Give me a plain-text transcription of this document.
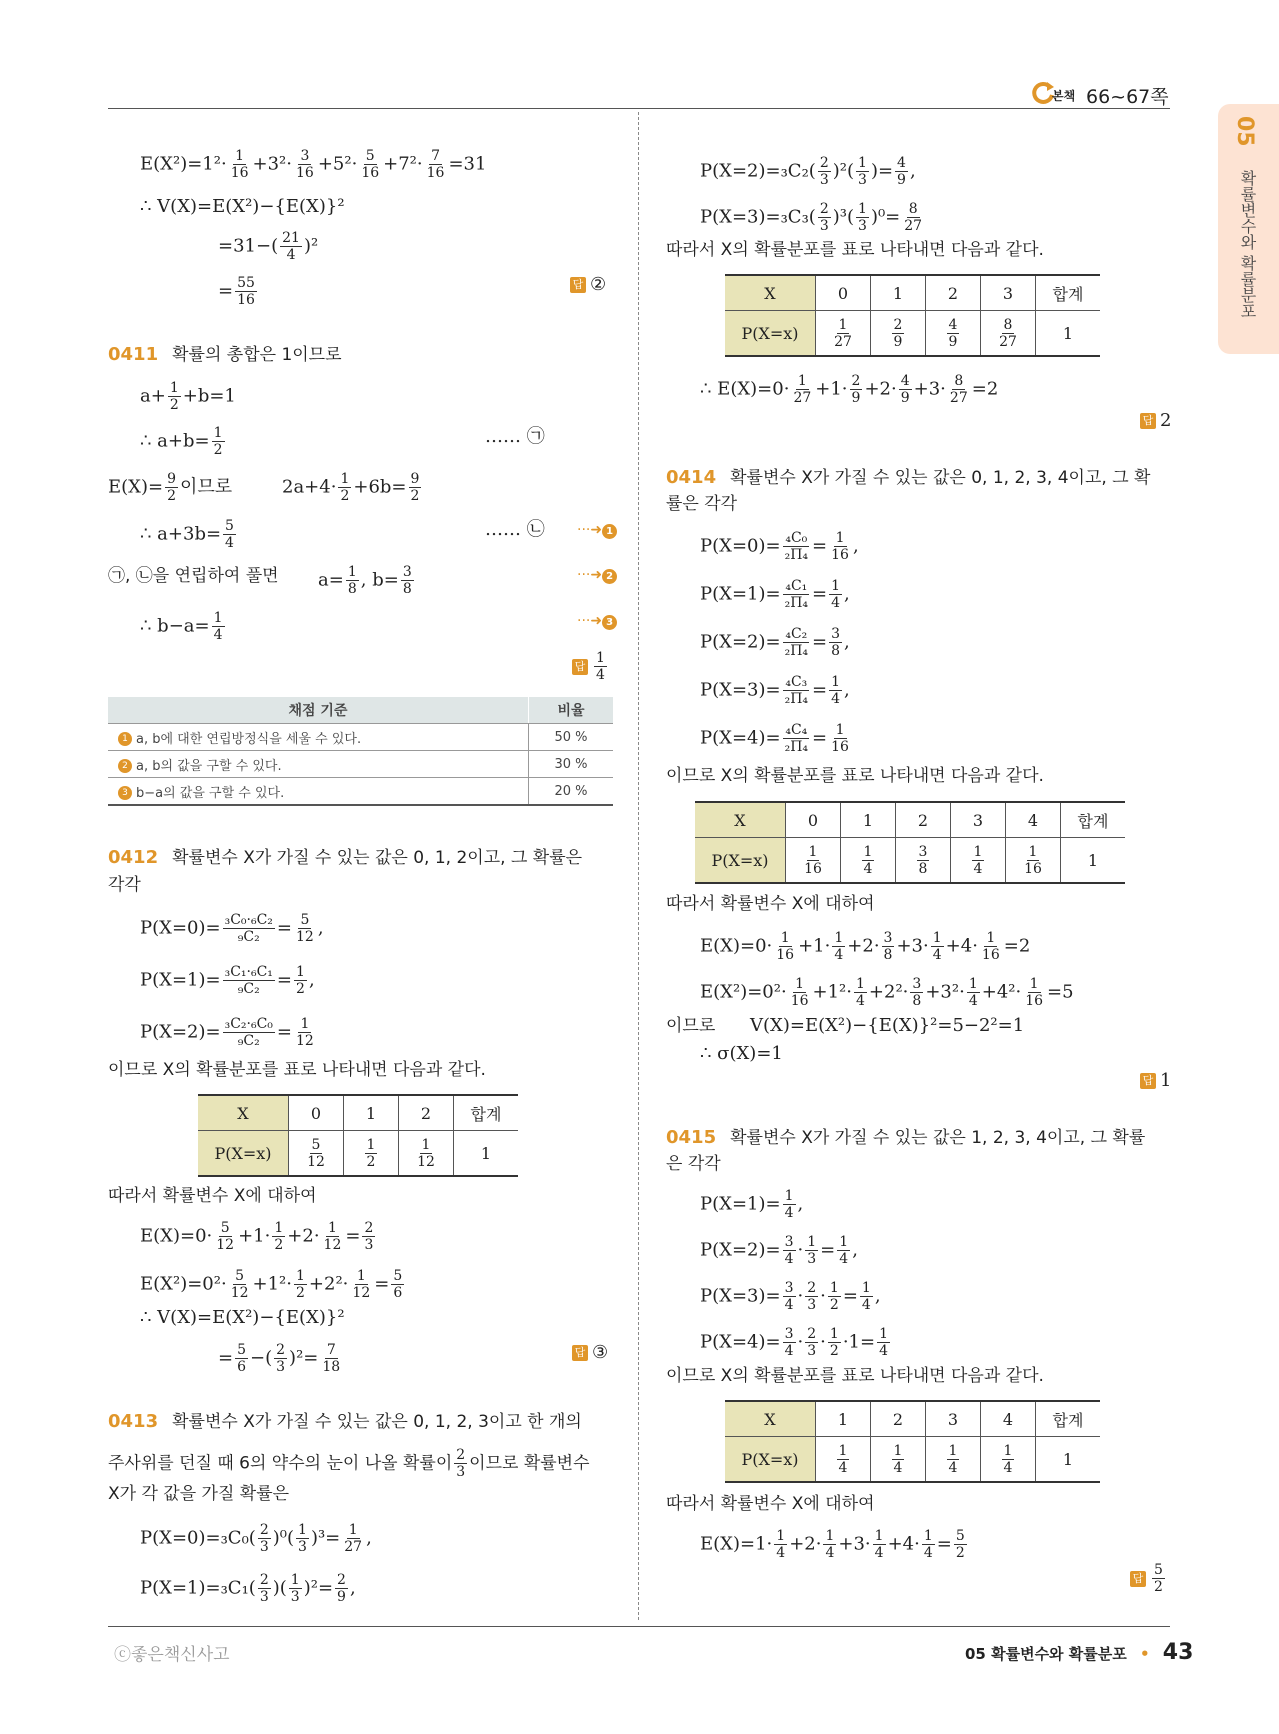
본책 66~67쪽
05
확률변수와 확률분포
$E(X^2)=1^2\cdot \frac{1}{16} +3^2\cdot \frac{3}{16} +5^2\cdot \frac{5}{16} +7^2\cdot \frac{7}{16} =31$
∴ V(X)=E(X²)−{E(X)}²
$=31-( \frac{21}{4} )^2$
= $\frac{55}{16}$	답 ②
0411 확률의 총합은 1이므로
$a+ \frac{1}{2} +b=1$
∴ $a+b= \frac{1}{2}$	…… ㉠
$E(X)= \frac{9}{2}$ 이므로	$2a+4\cdot \frac{1}{2} +6b= \frac{9}{2}$
∴ $a+3b= \frac{5}{4}$	…… ㉡ ···➜ 1
㉠, ㉡을 연립하여 풀면 $a= \frac{1}{8}$ , $b= \frac{3}{8}$	···➜ 2
∴ $b-a= \frac{1}{4}$	···➜ 3
답 $\frac{1}{4}$
채점 기준	비율
1 a, b에 대한 연립방정식을 세울 수 있다.	50 %
2 a, b의 값을 구할 수 있다.	30 %
3 b−a의 값을 구할 수 있다.	20 %
0412 확률변수 X가 가질 수 있는 값은 0, 1, 2이고, 그 확률은
각각
$P(X=0)= \frac{\text{₃C₀·₆C₂}}{\text{₉C₂}} = \frac{5}{12}$ ,
$P(X=1)= \frac{\text{₃C₁·₆C₁}}{\text{₉C₂}} = \frac{1}{2}$ ,
$P(X=2)= \frac{\text{₃C₂·₆C₀}}{\text{₉C₂}} = \frac{1}{12}$
이므로 X의 확률분포를 표로 나타내면 다음과 같다.
X	0	1	2	합계
P(X=x)	$\frac{5}{12}$	$\frac{1}{2}$	$\frac{1}{12}$	1
따라서 확률변수 X에 대하여
$E(X)=0\cdot \frac{5}{12} +1\cdot \frac{1}{2} +2\cdot \frac{1}{12} = \frac{2}{3}$
$E(X^2)=0^2\cdot \frac{5}{12} +1^2\cdot \frac{1}{2} +2^2\cdot \frac{1}{12} = \frac{5}{6}$
∴ V(X)=E(X²)−{E(X)}²
= $\frac{5}{6}$ −( $\frac{2}{3} )^2= \frac{7}{18}$	답 ③
0413 확률변수 X가 가질 수 있는 값은 0, 1, 2, 3이고 한 개의
주사위를 던질 때 6의 약수의 눈이 나올 확률이 $\frac{2}{3}$ 이므로 확률변수
X가 각 값을 가질 확률은
$P(X=0)=_3C_0( \frac{2}{3} )^0( \frac{1}{3} )^3= \frac{1}{27}$ ,
$P(X=1)=_3C_1( \frac{2}{3}$ )( $\frac{1}{3} )^2= \frac{2}{9}$ ,
$P(X=2)=_3C_2( \frac{2}{3} )^2( \frac{1}{3}$ )= $\frac{4}{9}$ ,
$P(X=3)=_3C_3( \frac{2}{3} )^3( \frac{1}{3} )^0= \frac{8}{27}$
따라서 X의 확률분포를 표로 나타내면 다음과 같다.
X	0	1	2	3	합계
P(X=x)	$\frac{1}{27}$	$\frac{2}{9}$	$\frac{4}{9}$	$\frac{8}{27}$	1
∴ $E(X)=0\cdot \frac{1}{27} +1\cdot \frac{2}{9} +2\cdot \frac{4}{9} +3\cdot \frac{8}{27} =2$
답 2
0414 확률변수 X가 가질 수 있는 값은 0, 1, 2, 3, 4이고, 그 확
률은 각각
$P(X=0)= \frac{\text{₄C₀}}{\text{₂Π₄}} = \frac{1}{16}$ ,
$P(X=1)= \frac{\text{₄C₁}}{\text{₂Π₄}} = \frac{1}{4}$ ,
$P(X=2)= \frac{\text{₄C₂}}{\text{₂Π₄}} = \frac{3}{8}$ ,
$P(X=3)= \frac{\text{₄C₃}}{\text{₂Π₄}} = \frac{1}{4}$ ,
$P(X=4)= \frac{\text{₄C₄}}{\text{₂Π₄}} = \frac{1}{16}$
이므로 X의 확률분포를 표로 나타내면 다음과 같다.
X	0	1	2	3	4	합계
P(X=x)	$\frac{1}{16}$	$\frac{1}{4}$	$\frac{3}{8}$	$\frac{1}{4}$	$\frac{1}{16}$	1
따라서 확률변수 X에 대하여
$E(X)=0\cdot \frac{1}{16} +1\cdot \frac{1}{4} +2\cdot \frac{3}{8} +3\cdot \frac{1}{4} +4\cdot \frac{1}{16} =2$
$E(X^2)=0^2\cdot \frac{1}{16} +1^2\cdot \frac{1}{4} +2^2\cdot \frac{3}{8} +3^2\cdot \frac{1}{4} +4^2\cdot \frac{1}{16} =5$
이므로 V(X)=E(X²)−{E(X)}²=5−2²=1
∴ σ(X)=1
답 1
0415 확률변수 X가 가질 수 있는 값은 1, 2, 3, 4이고, 그 확률
은 각각
$P(X=1)= \frac{1}{4}$ ,
$P(X=2)= \frac{3}{4} \cdot \frac{1}{3} = \frac{1}{4}$ ,
$P(X=3)= \frac{3}{4} \cdot \frac{2}{3} \cdot \frac{1}{2} = \frac{1}{4}$ ,
$P(X=4)= \frac{3}{4} \cdot \frac{2}{3} \cdot \frac{1}{2} \cdot 1= \frac{1}{4}$
이므로 X의 확률분포를 표로 나타내면 다음과 같다.
X	1	2	3	4	합계
P(X=x)	$\frac{1}{4}$	$\frac{1}{4}$	$\frac{1}{4}$	$\frac{1}{4}$	1
따라서 확률변수 X에 대하여
$E(X)=1\cdot \frac{1}{4} +2\cdot \frac{1}{4} +3\cdot \frac{1}{4} +4\cdot \frac{1}{4} = \frac{5}{2}$
답 $\frac{5}{2}$
ⓒ좋은책신사고	05 확률변수와 확률분포 • 43
